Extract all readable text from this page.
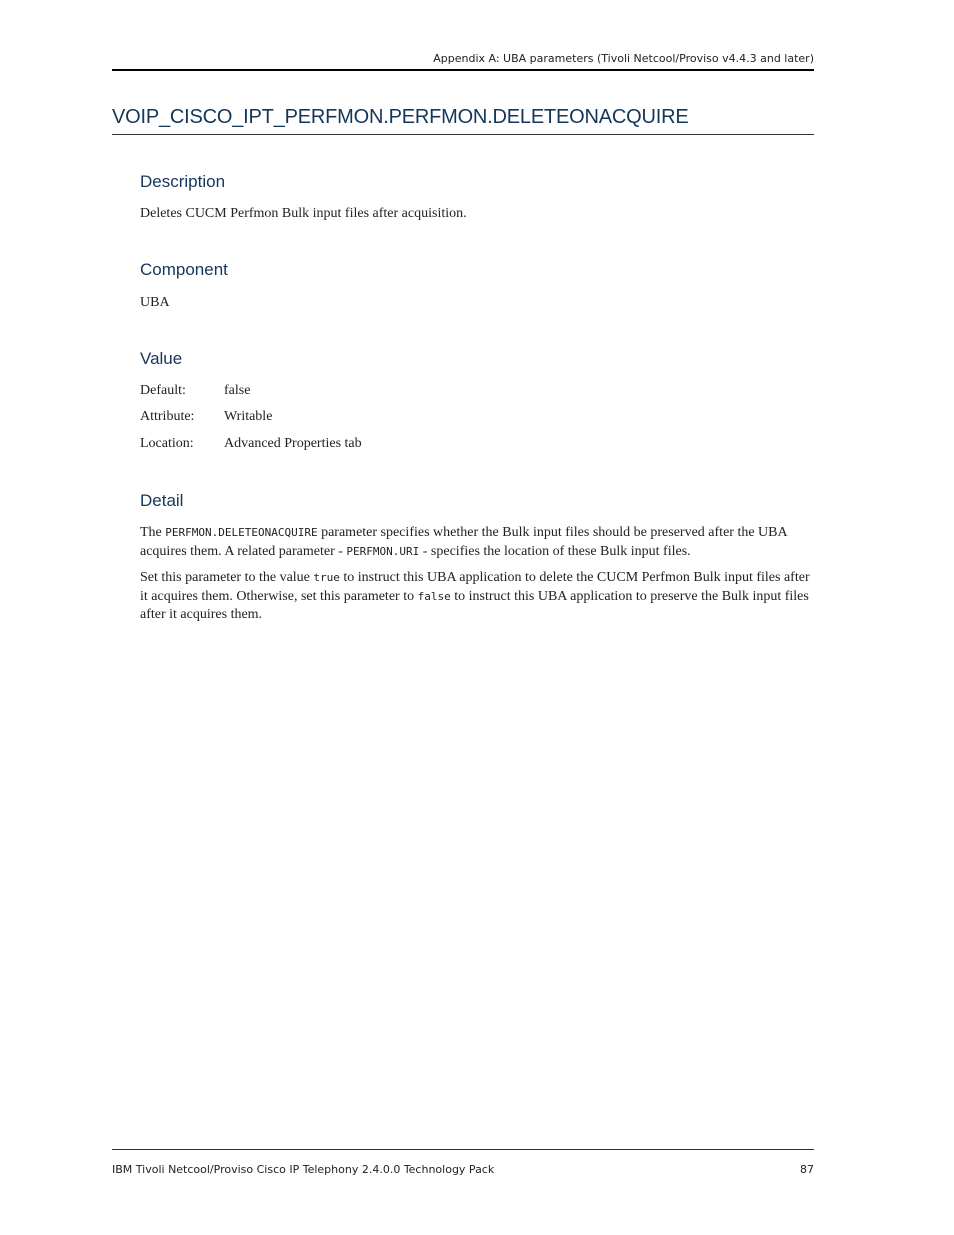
Appendix A: UBA parameters (Tivoli Netcool/Proviso v4.4.3 and later)
VOIP_CISCO_IPT_PERFMON.PERFMON.DELETEONACQUIRE
Description
Deletes CUCM Perfmon Bulk input files after acquisition.
Component
UBA
Value
Default:	false
Attribute: Writable
Location: Advanced Properties tab
Detail
The PERFMON.DELETEONACQUIRE parameter specifies whether the Bulk input files should be preserved after the UBA acquires them. A related parameter - PERFMON.URI - specifies the location of these Bulk input files.
Set this parameter to the value true to instruct this UBA application to delete the CUCM Perfmon Bulk input files after it acquires them. Otherwise, set this parameter to false to instruct this UBA application to preserve the Bulk input files after it acquires them.
IBM Tivoli Netcool/Proviso Cisco IP Telephony 2.4.0.0 Technology Pack	87
